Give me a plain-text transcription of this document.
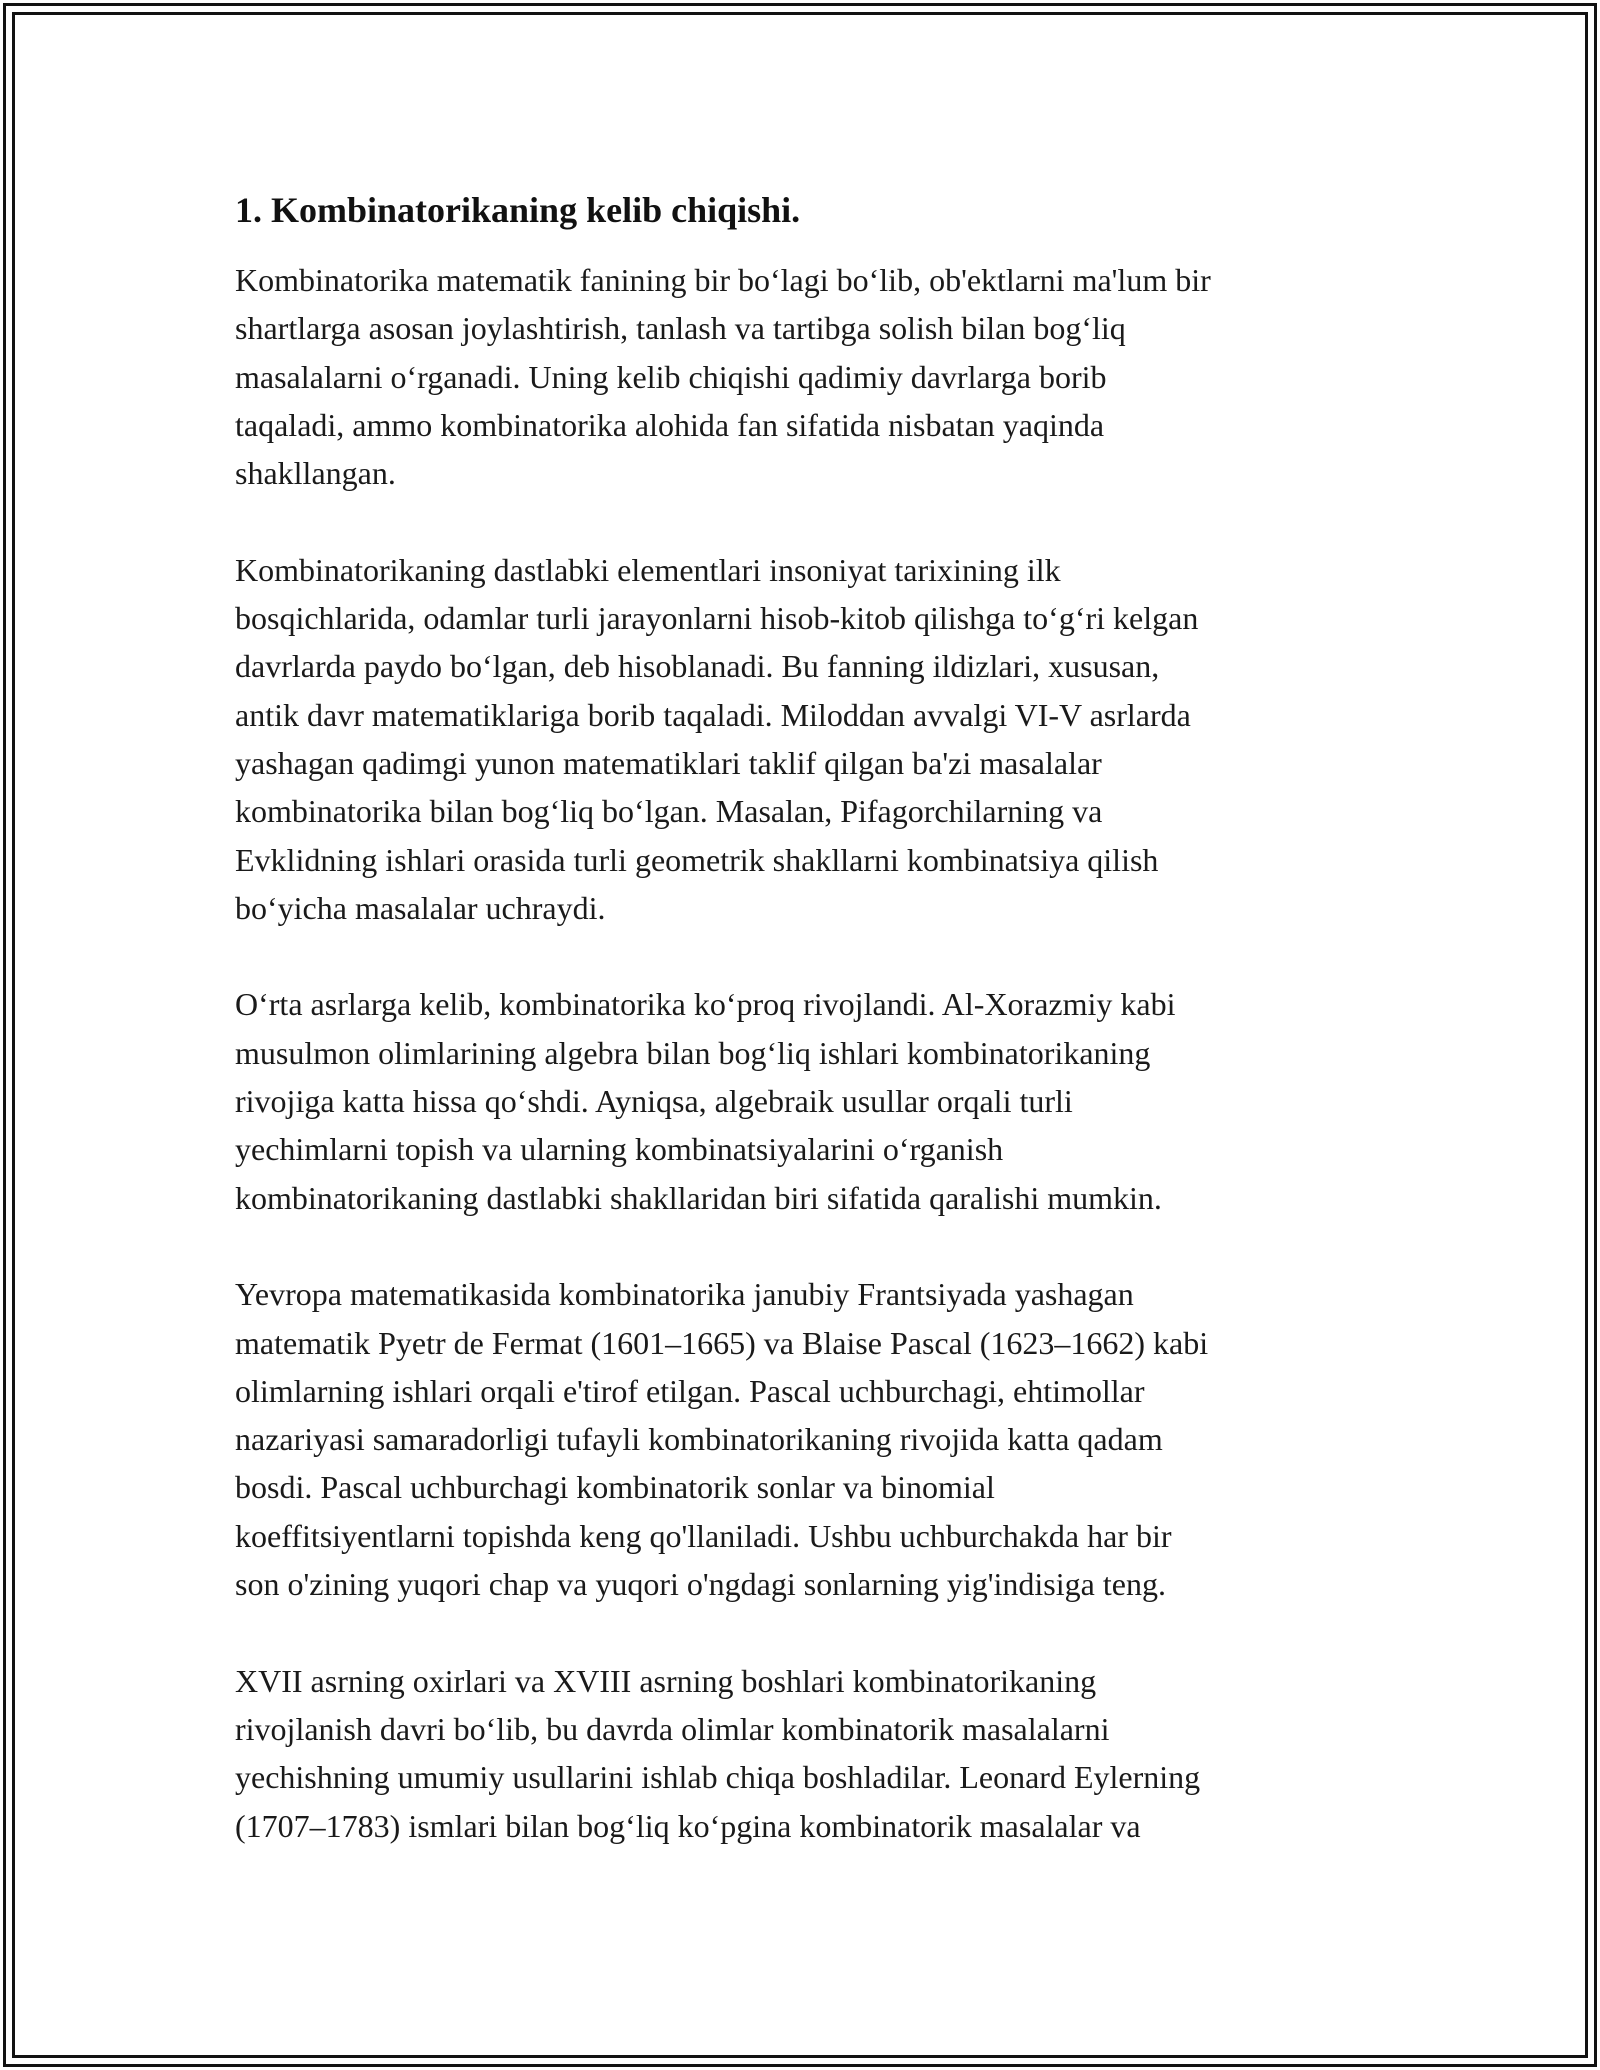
1. Kombinatorikaning kelib chiqishi.

Kombinatorika matematik fanining bir bo‘lagi bo‘lib, ob'ektlarni ma'lum bir
shartlarga asosan joylashtirish, tanlash va tartibga solish bilan bog‘liq
masalalarni o‘rganadi. Uning kelib chiqishi qadimiy davrlarga borib
taqaladi, ammo kombinatorika alohida fan sifatida nisbatan yaqinda
shakllangan.

Kombinatorikaning dastlabki elementlari insoniyat tarixining ilk
bosqichlarida, odamlar turli jarayonlarni hisob-kitob qilishga to‘g‘ri kelgan
davrlarda paydo bo‘lgan, deb hisoblanadi. Bu fanning ildizlari, xususan,
antik davr matematiklariga borib taqaladi. Miloddan avvalgi VI-V asrlarda
yashagan qadimgi yunon matematiklari taklif qilgan ba'zi masalalar
kombinatorika bilan bog‘liq bo‘lgan. Masalan, Pifagorchilarning va
Evklidning ishlari orasida turli geometrik shakllarni kombinatsiya qilish
bo‘yicha masalalar uchraydi.

O‘rta asrlarga kelib, kombinatorika ko‘proq rivojlandi. Al-Xorazmiy kabi
musulmon olimlarining algebra bilan bog‘liq ishlari kombinatorikaning
rivojiga katta hissa qo‘shdi. Ayniqsa, algebraik usullar orqali turli
yechimlarni topish va ularning kombinatsiyalarini o‘rganish
kombinatorikaning dastlabki shakllaridan biri sifatida qaralishi mumkin.

Yevropa matematikasida kombinatorika janubiy Frantsiyada yashagan
matematik Pyetr de Fermat (1601–1665) va Blaise Pascal (1623–1662) kabi
olimlarning ishlari orqali e'tirof etilgan. Pascal uchburchagi, ehtimollar
nazariyasi samaradorligi tufayli kombinatorikaning rivojida katta qadam
bosdi. Pascal uchburchagi kombinatorik sonlar va binomial
koeffitsiyentlarni topishda keng qo'llaniladi. Ushbu uchburchakda har bir
son o'zining yuqori chap va yuqori o'ngdagi sonlarning yig'indisiga teng.

XVII asrning oxirlari va XVIII asrning boshlari kombinatorikaning
rivojlanish davri bo‘lib, bu davrda olimlar kombinatorik masalalarni
yechishning umumiy usullarini ishlab chiqa boshladilar. Leonard Eylerning
(1707–1783) ismlari bilan bog‘liq ko‘pgina kombinatorik masalalar va
